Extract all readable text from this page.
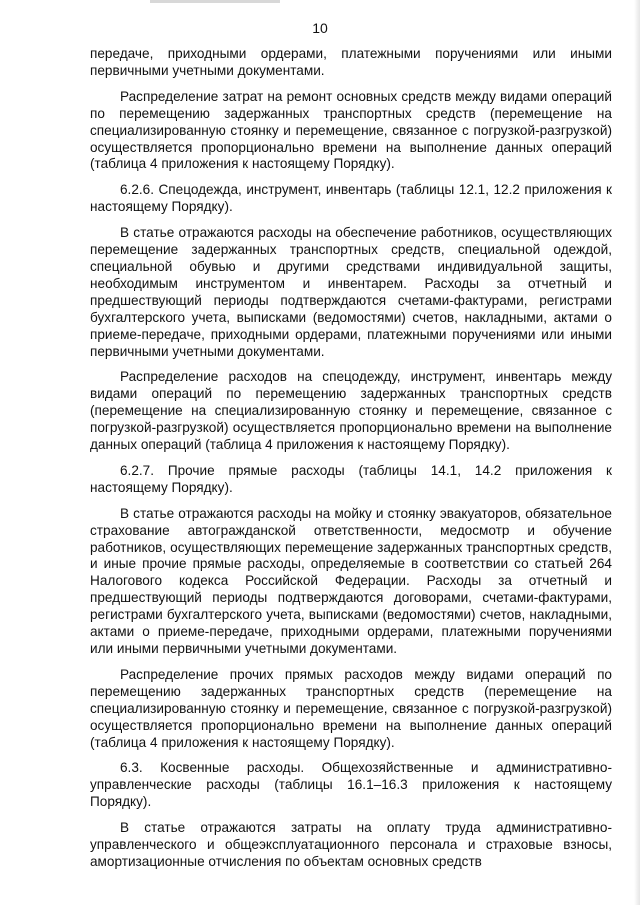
10

передаче, приходными ордерами, платежными поручениями или иными первичными учетными документами.

Распределение затрат на ремонт основных средств между видами операций по перемещению задержанных транспортных средств (перемещение на специализированную стоянку и перемещение, связанное с погрузкой-разгрузкой) осуществляется пропорционально времени на выполнение данных операций (таблица 4 приложения к настоящему Порядку).

6.2.6. Спецодежда, инструмент, инвентарь (таблицы 12.1, 12.2 приложения к настоящему Порядку).

В статье отражаются расходы на обеспечение работников, осуществляющих перемещение задержанных транспортных средств, специальной одеждой, специальной обувью и другими средствами индивидуальной защиты, необходимым инструментом и инвентарем. Расходы за отчетный и предшествующий периоды подтверждаются счетами-фактурами, регистрами бухгалтерского учета, выписками (ведомостями) счетов, накладными, актами о приеме-передаче, приходными ордерами, платежными поручениями или иными первичными учетными документами.

Распределение расходов на спецодежду, инструмент, инвентарь между видами операций по перемещению задержанных транспортных средств (перемещение на специализированную стоянку и перемещение, связанное с погрузкой-разгрузкой) осуществляется пропорционально времени на выполнение данных операций (таблица 4 приложения к настоящему Порядку).

6.2.7. Прочие прямые расходы (таблицы 14.1, 14.2 приложения к настоящему Порядку).

В статье отражаются расходы на мойку и стоянку эвакуаторов, обязательное страхование автогражданской ответственности, медосмотр и обучение работников, осуществляющих перемещение задержанных транспортных средств, и иные прочие прямые расходы, определяемые в соответствии со статьей 264 Налогового кодекса Российской Федерации. Расходы за отчетный и предшествующий периоды подтверждаются договорами, счетами-фактурами, регистрами бухгалтерского учета, выписками (ведомостями) счетов, накладными, актами о приеме-передаче, приходными ордерами, платежными поручениями или иными первичными учетными документами.

Распределение прочих прямых расходов между видами операций по перемещению задержанных транспортных средств (перемещение на специализированную стоянку и перемещение, связанное с погрузкой-разгрузкой) осуществляется пропорционально времени на выполнение данных операций (таблица 4 приложения к настоящему Порядку).

6.3. Косвенные расходы. Общехозяйственные и административно-управленческие расходы (таблицы 16.1–16.3 приложения к настоящему Порядку).

В статье отражаются затраты на оплату труда административно-управленческого и общеэксплуатационного персонала и страховые взносы, амортизационные отчисления по объектам основных средств
